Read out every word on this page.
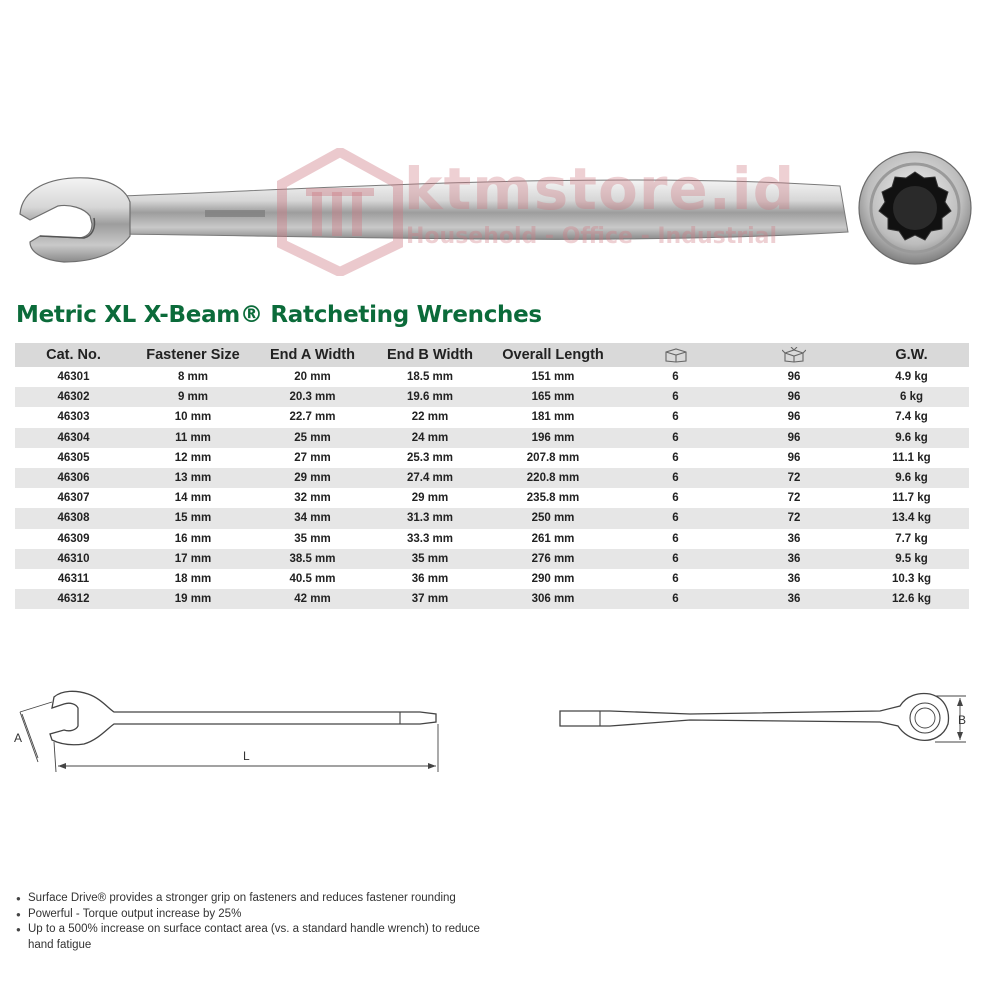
ktmstore.id
Household - Office - Industrial
Metric XL X-Beam® Ratcheting Wrenches
Cat. No.	Fastener Size	End A Width	End B Width	Overall Length			G.W.
46301	8 mm	20 mm	18.5 mm	151 mm	6	96	4.9 kg
46302	9 mm	20.3 mm	19.6 mm	165 mm	6	96	6 kg
46303	10 mm	22.7 mm	22 mm	181 mm	6	96	7.4 kg
46304	11 mm	25 mm	24 mm	196 mm	6	96	9.6 kg
46305	12 mm	27 mm	25.3 mm	207.8 mm	6	96	11.1 kg
46306	13 mm	29 mm	27.4 mm	220.8 mm	6	72	9.6 kg
46307	14 mm	32 mm	29 mm	235.8 mm	6	72	11.7 kg
46308	15 mm	34 mm	31.3 mm	250 mm	6	72	13.4 kg
46309	16 mm	35 mm	33.3 mm	261 mm	6	36	7.7 kg
46310	17 mm	38.5 mm	35 mm	276 mm	6	36	9.5 kg
46311	18 mm	40.5 mm	36 mm	290 mm	6	36	10.3 kg
46312	19 mm	42 mm	37 mm	306 mm	6	36	12.6 kg
A
L
B
● Surface Drive® provides a stronger grip on fasteners and reduces fastener rounding
● Powerful - Torque output increase by 25%
● Up to a 500% increase on surface contact area (vs. a standard handle wrench) to reduce hand fatigue
